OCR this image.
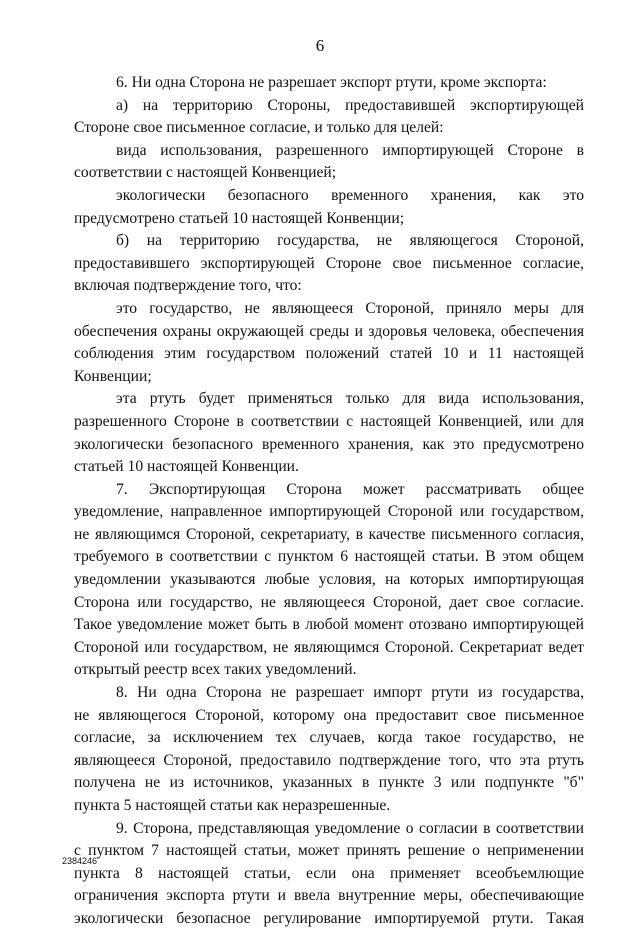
6
6. Ни одна Сторона не разрешает экспорт ртути, кроме экспорта:
а) на территорию Стороны, предоставившей экспортирующей
Стороне свое письменное согласие, и только для целей:
вида использования, разрешенного импортирующей Стороне в
соответствии с настоящей Конвенцией;
экологически безопасного временного хранения, как это
предусмотрено статьей 10 настоящей Конвенции;
б) на территорию государства, не являющегося Стороной,
предоставившего экспортирующей Стороне свое письменное согласие,
включая подтверждение того, что:
это государство, не являющееся Стороной, приняло меры для
обеспечения охраны окружающей среды и здоровья человека, обеспечения
соблюдения этим государством положений статей 10 и 11 настоящей
Конвенции;
эта ртуть будет применяться только для вида использования,
разрешенного Стороне в соответствии с настоящей Конвенцией, или для
экологически безопасного временного хранения, как это предусмотрено
статьей 10 настоящей Конвенции.
7. Экспортирующая Сторона может рассматривать общее
уведомление, направленное импортирующей Стороной или государством,
не являющимся Стороной, секретариату, в качестве письменного согласия,
требуемого в соответствии с пунктом 6 настоящей статьи. В этом общем
уведомлении указываются любые условия, на которых импортирующая
Сторона или государство, не являющееся Стороной, дает свое согласие.
Такое уведомление может быть в любой момент отозвано импортирующей
Стороной или государством, не являющимся Стороной. Секретариат ведет
открытый реестр всех таких уведомлений.
8. Ни одна Сторона не разрешает импорт ртути из государства,
не являющегося Стороной, которому она предоставит свое письменное
согласие, за исключением тех случаев, когда такое государство, не
являющееся Стороной, предоставило подтверждение того, что эта ртуть
получена не из источников, указанных в пункте 3 или подпункте "б"
пункта 5 настоящей статьи как неразрешенные.
9. Сторона, представляющая уведомление о согласии в соответствии
с пунктом 7 настоящей статьи, может принять решение о неприменении
пункта 8 настоящей статьи, если она применяет всеобъемлющие
ограничения экспорта ртути и ввела внутренние меры, обеспечивающие
экологически безопасное регулирование импортируемой ртути. Такая
2384246
